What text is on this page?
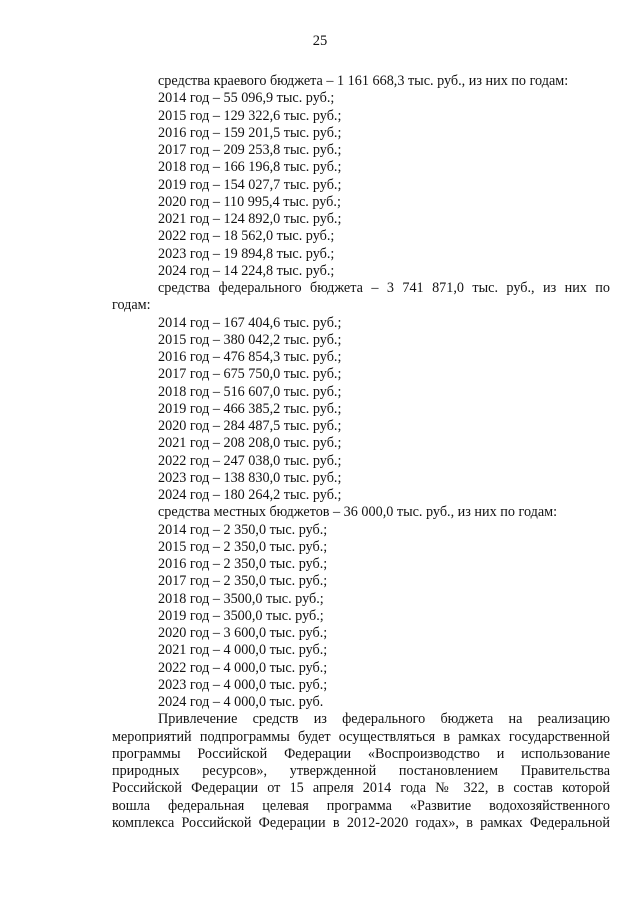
25
средства краевого бюджета – 1 161 668,3 тыс. руб., из них по годам:
2014 год – 55 096,9 тыс. руб.;
2015 год – 129 322,6 тыс. руб.;
2016 год – 159 201,5 тыс. руб.;
2017 год – 209 253,8 тыс. руб.;
2018 год – 166 196,8 тыс. руб.;
2019 год – 154 027,7 тыс. руб.;
2020 год – 110 995,4 тыс. руб.;
2021 год – 124 892,0 тыс. руб.;
2022 год – 18 562,0 тыс. руб.;
2023 год – 19 894,8 тыс. руб.;
2024 год – 14 224,8 тыс. руб.;
средства федерального бюджета – 3 741 871,0 тыс. руб., из них по
годам:
2014 год – 167 404,6 тыс. руб.;
2015 год – 380 042,2 тыс. руб.;
2016 год – 476 854,3 тыс. руб.;
2017 год – 675 750,0 тыс. руб.;
2018 год – 516 607,0 тыс. руб.;
2019 год – 466 385,2 тыс. руб.;
2020 год – 284 487,5 тыс. руб.;
2021 год – 208 208,0 тыс. руб.;
2022 год – 247 038,0 тыс. руб.;
2023 год – 138 830,0 тыс. руб.;
2024 год – 180 264,2 тыс. руб.;
средства местных бюджетов – 36 000,0 тыс. руб., из них по годам:
2014 год – 2 350,0 тыс. руб.;
2015 год – 2 350,0 тыс. руб.;
2016 год – 2 350,0 тыс. руб.;
2017 год – 2 350,0 тыс. руб.;
2018 год – 3500,0 тыс. руб.;
2019 год – 3500,0 тыс. руб.;
2020 год – 3 600,0 тыс. руб.;
2021 год – 4 000,0 тыс. руб.;
2022 год – 4 000,0 тыс. руб.;
2023 год – 4 000,0 тыс. руб.;
2024 год – 4 000,0 тыс. руб.
Привлечение средств из федерального бюджета на реализацию
мероприятий подпрограммы будет осуществляться в рамках государственной
программы Российской Федерации «Воспроизводство и использование
природных ресурсов», утвержденной постановлением Правительства
Российской Федерации от 15 апреля 2014 года № 322, в состав которой
вошла федеральная целевая программа «Развитие водохозяйственного
комплекса Российской Федерации в 2012-2020 годах», в рамках Федеральной
